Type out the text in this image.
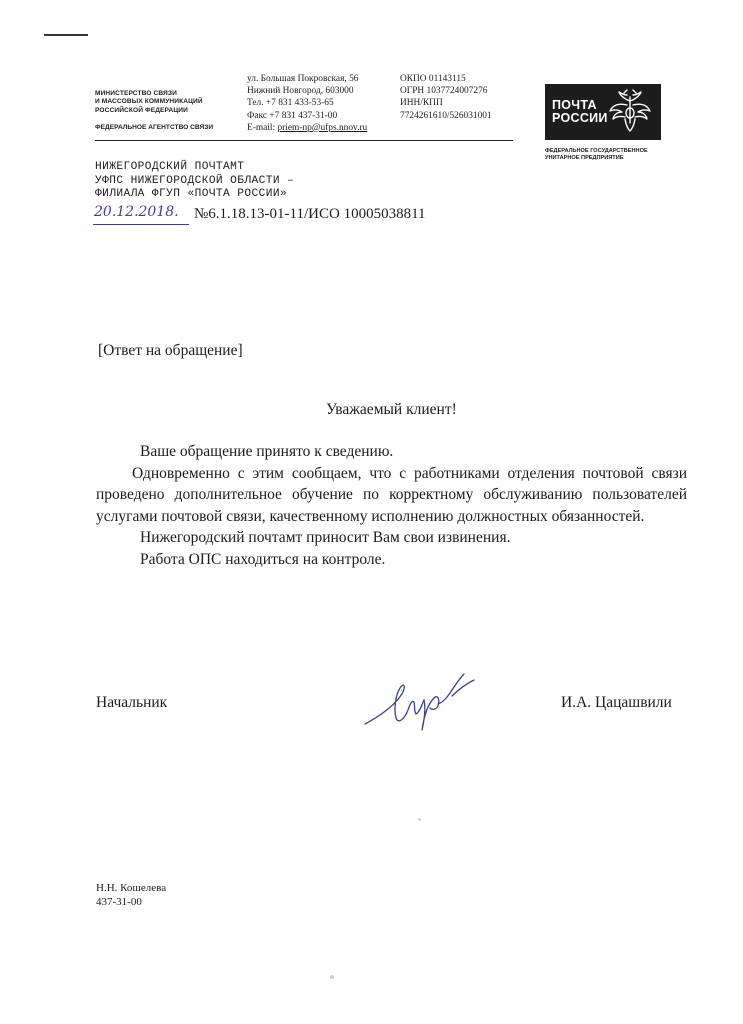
МИНИСТЕРСТВО СВЯЗИ
И МАССОВЫХ КОММУНИКАЦИЙ
РОССИЙСКОЙ ФЕДЕРАЦИИ
ФЕДЕРАЛЬНОЕ АГЕНТСТВО СВЯЗИ
ул. Большая Покровская, 56
Нижний Новгород, 603000
Тел. +7 831 433-53-65
Факс +7 831 437-31-00
E-mail: priem-np@ufps.nnov.ru
ОКПО 01143115
ОГРН 1037724007276
ИНН/КПП
7724261610/526031001
ПОЧТА
РОССИИ
ФЕДЕРАЛЬНОЕ ГОСУДАРСТВЕННОЕ
УНИТАРНОЕ ПРЕДПРИЯТИЕ
НИЖЕГОРОДСКИЙ ПОЧТАМТ
УФПС НИЖЕГОРОДСКОЙ ОБЛАСТИ –
ФИЛИАЛА ФГУП «ПОЧТА РОССИИ»
20.12.2018. №6.1.18.13-01-11/ИСО 10005038811
[Ответ на обращение]
Уважаемый клиент!

Ваше обращение принято к сведению.

Одновременно с этим сообщаем, что с работниками отделения почтовой связи проведено дополнительное обучение по корректному обслуживанию пользователей услугами почтовой связи, качественному исполнению должностных обязанностей.

Нижегородский почтамт приносит Вам свои извинения.

Работа ОПС находиться на контроле.

Начальник	И.А. Цацашвили
Н.Н. Кошелева
437-31-00
